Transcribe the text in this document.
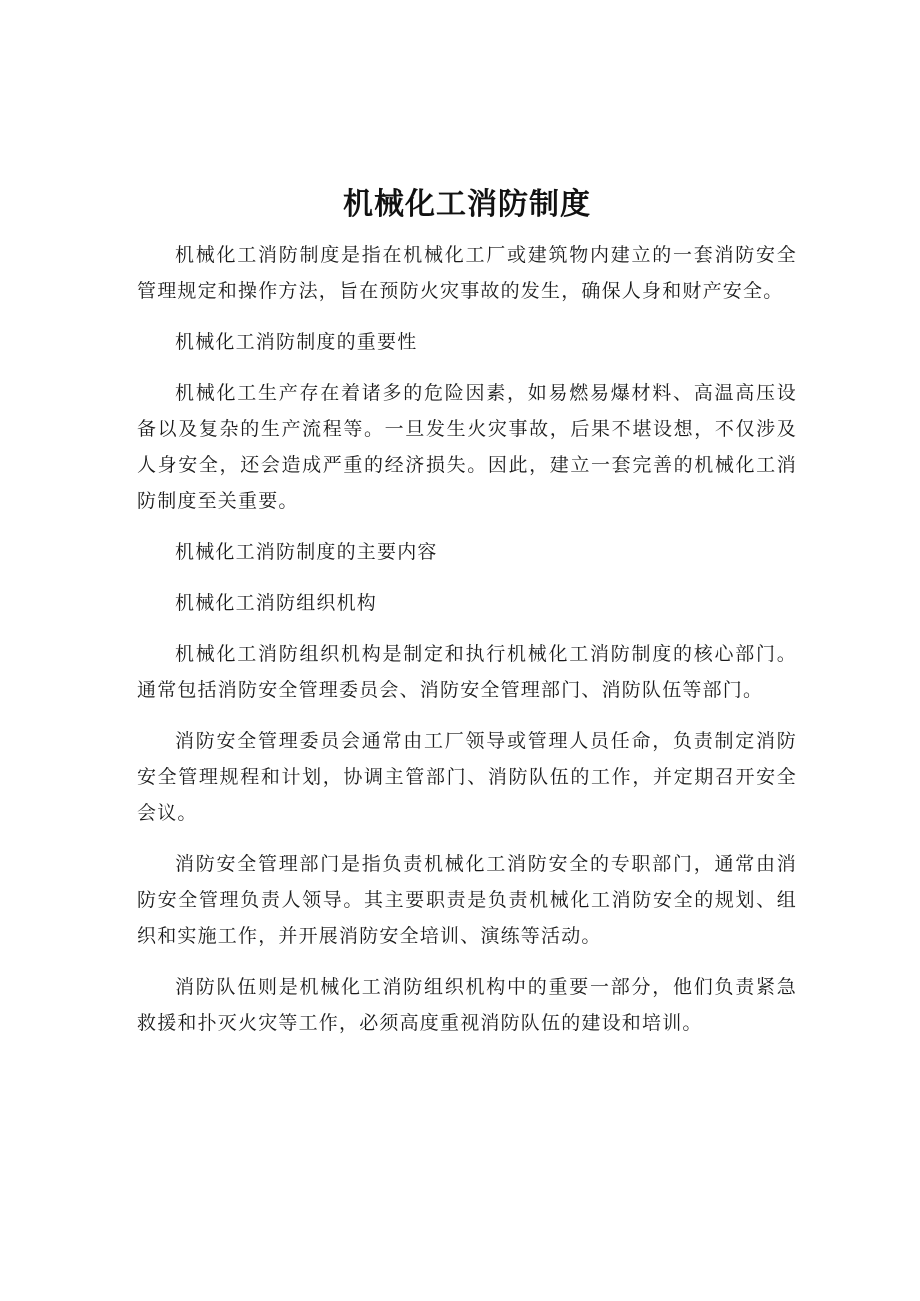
机械化工消防制度

机械化工消防制度是指在机械化工厂或建筑物内建立的一套消防安全管理规定和操作方法，旨在预防火灾事故的发生，确保人身和财产安全。

机械化工消防制度的重要性

机械化工生产存在着诸多的危险因素，如易燃易爆材料、高温高压设备以及复杂的生产流程等。一旦发生火灾事故，后果不堪设想，不仅涉及人身安全，还会造成严重的经济损失。因此，建立一套完善的机械化工消防制度至关重要。

机械化工消防制度的主要内容

机械化工消防组织机构

机械化工消防组织机构是制定和执行机械化工消防制度的核心部门。通常包括消防安全管理委员会、消防安全管理部门、消防队伍等部门。

消防安全管理委员会通常由工厂领导或管理人员任命，负责制定消防安全管理规程和计划，协调主管部门、消防队伍的工作，并定期召开安全会议。

消防安全管理部门是指负责机械化工消防安全的专职部门，通常由消防安全管理负责人领导。其主要职责是负责机械化工消防安全的规划、组织和实施工作，并开展消防安全培训、演练等活动。

消防队伍则是机械化工消防组织机构中的重要一部分，他们负责紧急救援和扑灭火灾等工作，必须高度重视消防队伍的建设和培训。
